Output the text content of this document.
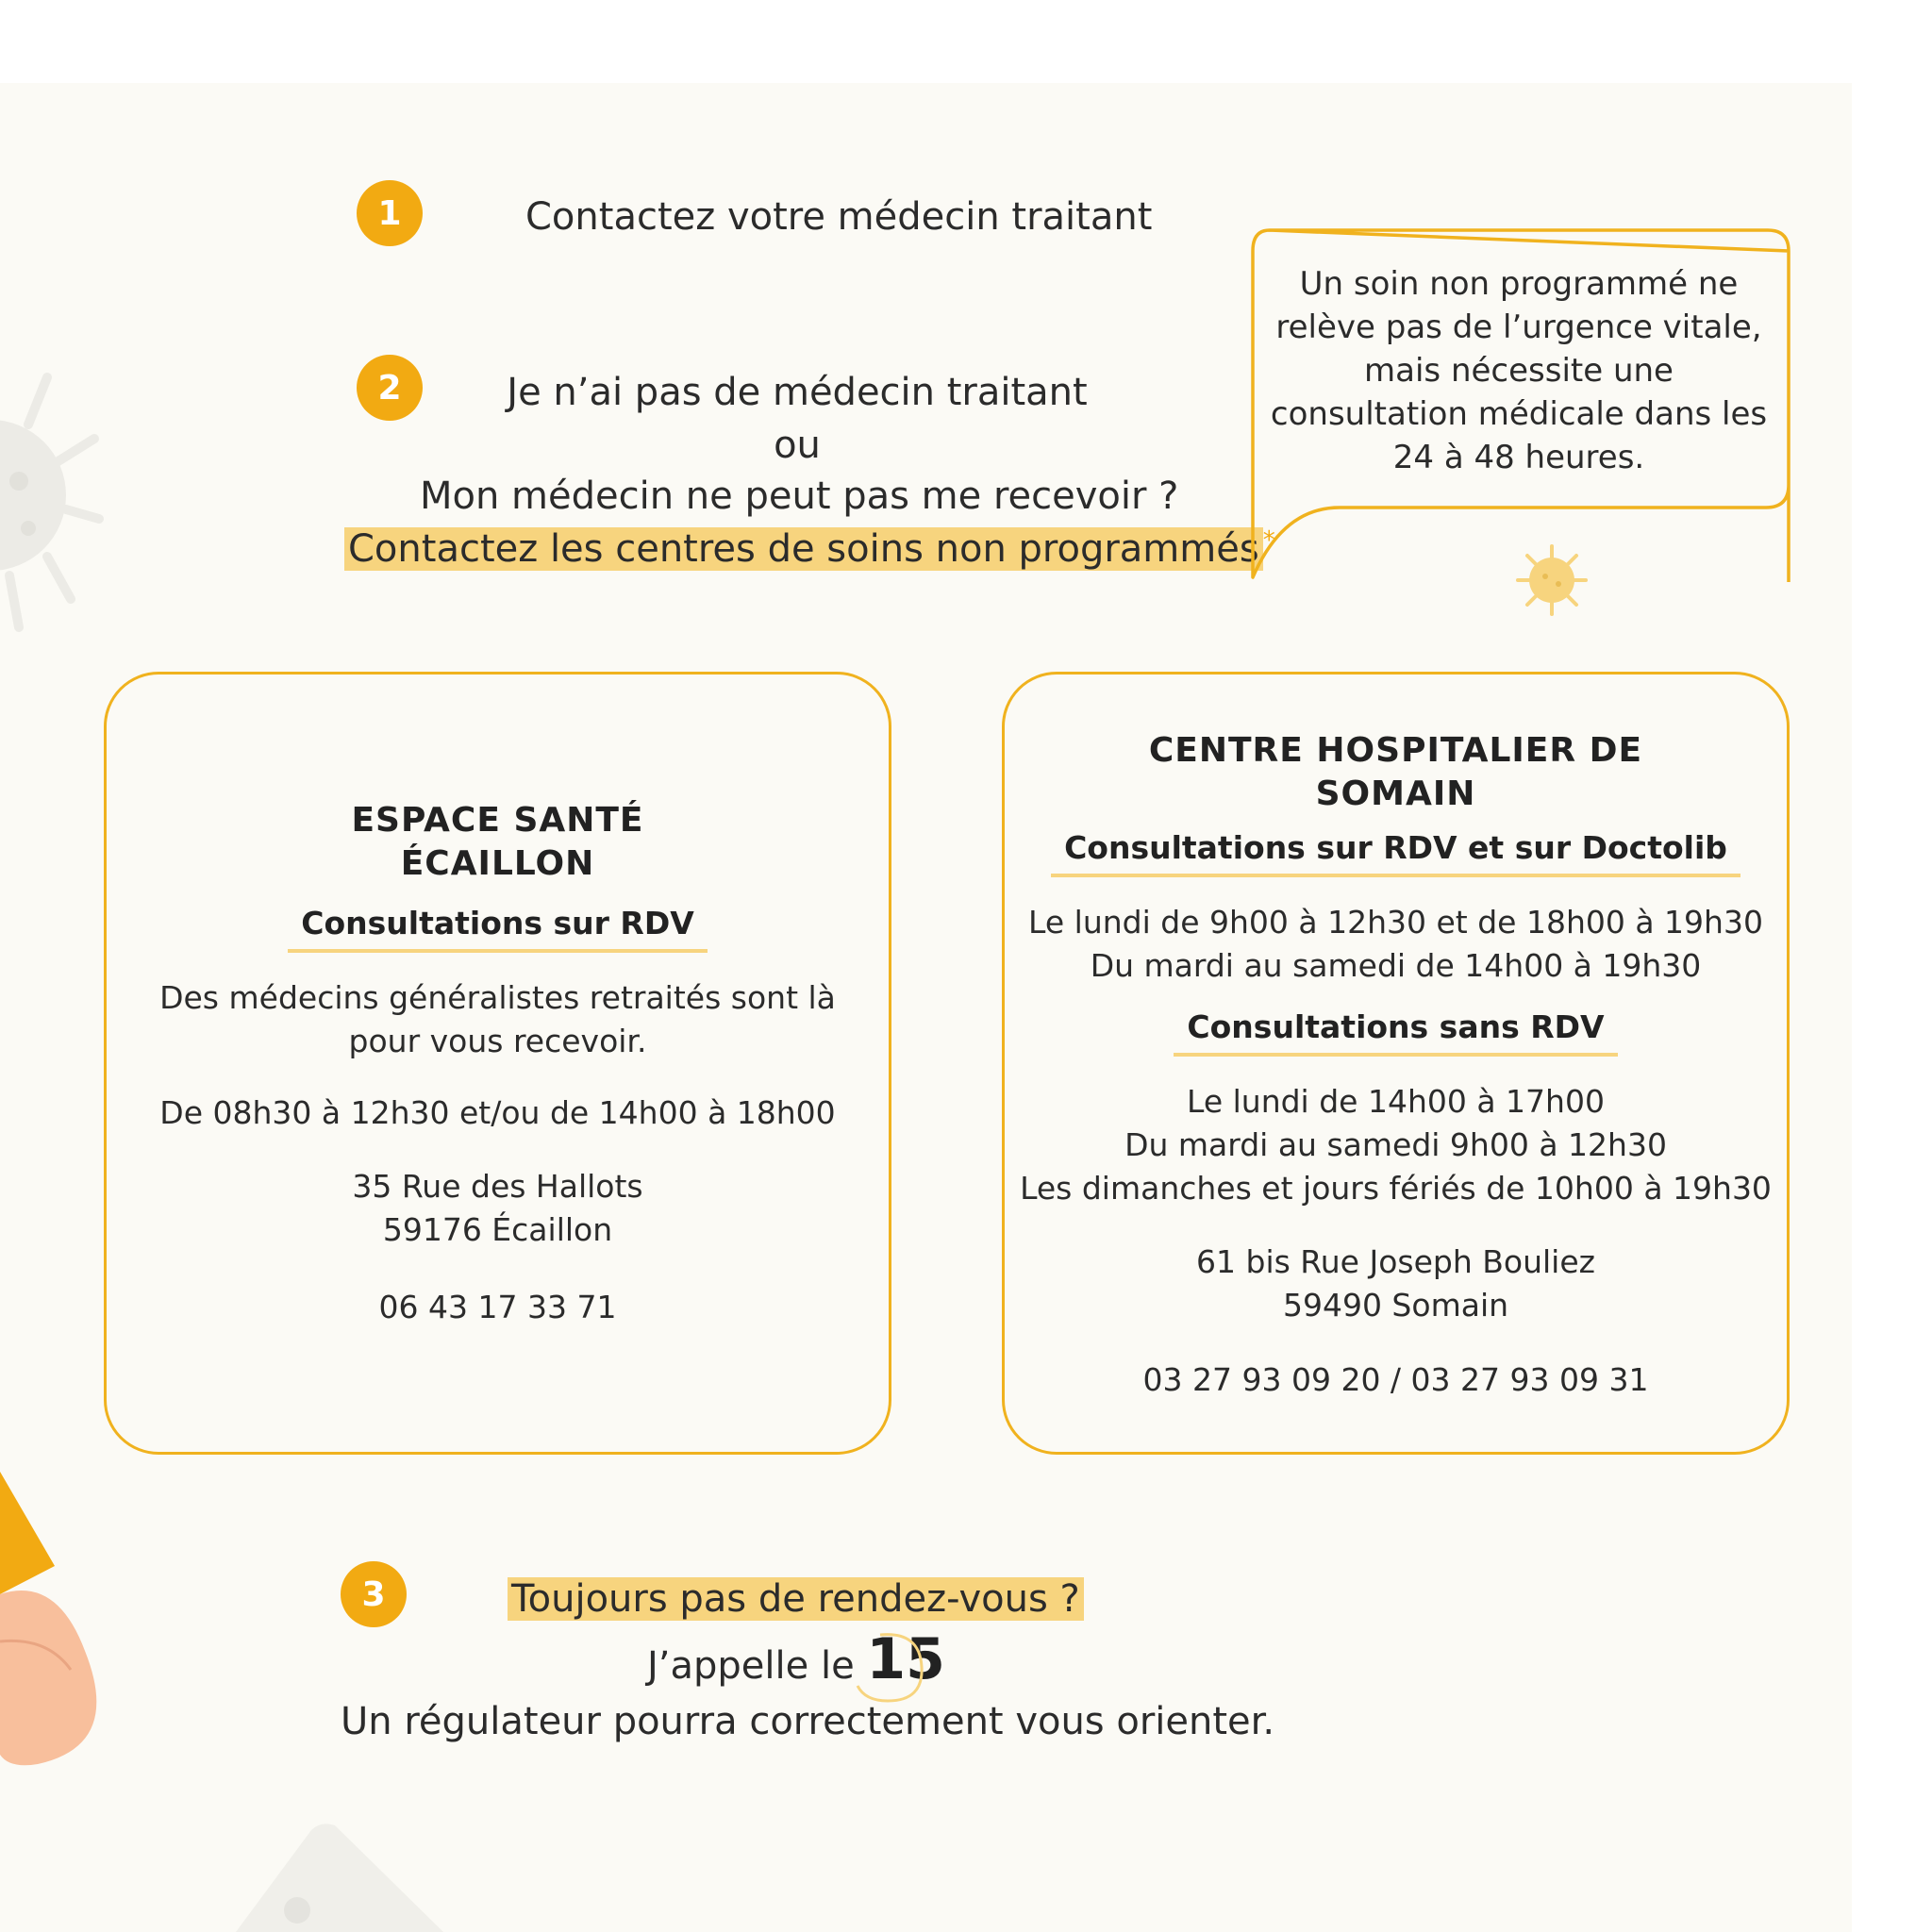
1	Contactez votre médecin traitant
2	Je n’ai pas de médecin traitant
ou
Mon médecin ne peut pas me recevoir ?
Contactez les centres de soins non programmés *
Un soin non programmé ne relève pas de l’urgence vitale, mais nécessite une consultation médicale dans les 24 à 48 heures.
ESPACE SANTÉ
ÉCAILLON
Consultations sur RDV

Des médecins généralistes retraités sont là

pour vous recevoir.

De 08h30 à 12h30 et/ou de 14h00 à 18h00

35 Rue des Hallots

59176 Écaillon

06 43 17 33 71

CENTRE HOSPITALIER DE
SOMAIN
Consultations sur RDV et sur Doctolib

Le lundi de 9h00 à 12h30 et de 18h00 à 19h30

Du mardi au samedi de 14h00 à 19h30

Consultations sans RDV

Le lundi de 14h00 à 17h00

Du mardi au samedi 9h00 à 12h30

Les dimanches et jours fériés de 10h00 à 19h30

61 bis Rue Joseph Bouliez

59490 Somain

03 27 93 09 20 / 03 27 93 09 31

3	Toujours pas de rendez-vous ?
J’appelle le 15
Un régulateur pourra correctement vous orienter.
